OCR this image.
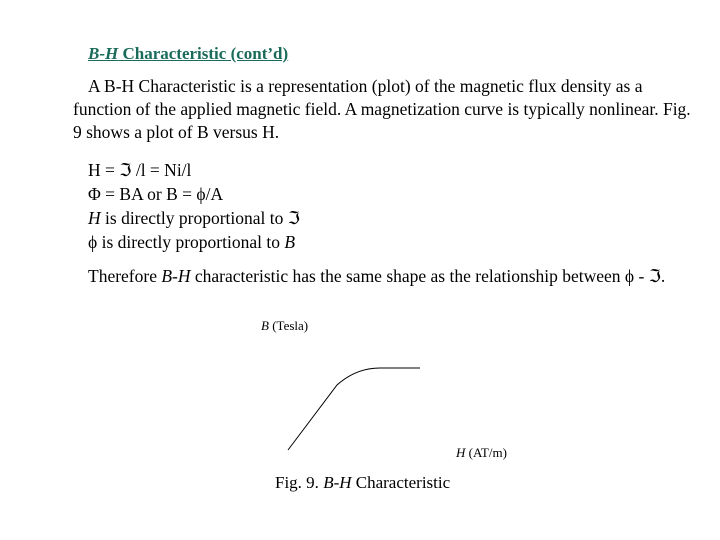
B-H Characteristic (cont’d)
A B-H Characteristic is a representation (plot) of the magnetic flux density as a function of the applied magnetic field. A magnetization curve is typically nonlinear. Fig. 9 shows a plot of B versus H.
H = ℑ /l = Ni/l
Φ = BA or B = ϕ/A
H is directly proportional to ℑ
ϕ is directly proportional to B
Therefore B-H characteristic has the same shape as the relationship between ϕ - ℑ.
B (Tesla)
H (AT/m)
Fig. 9. B-H Characteristic
